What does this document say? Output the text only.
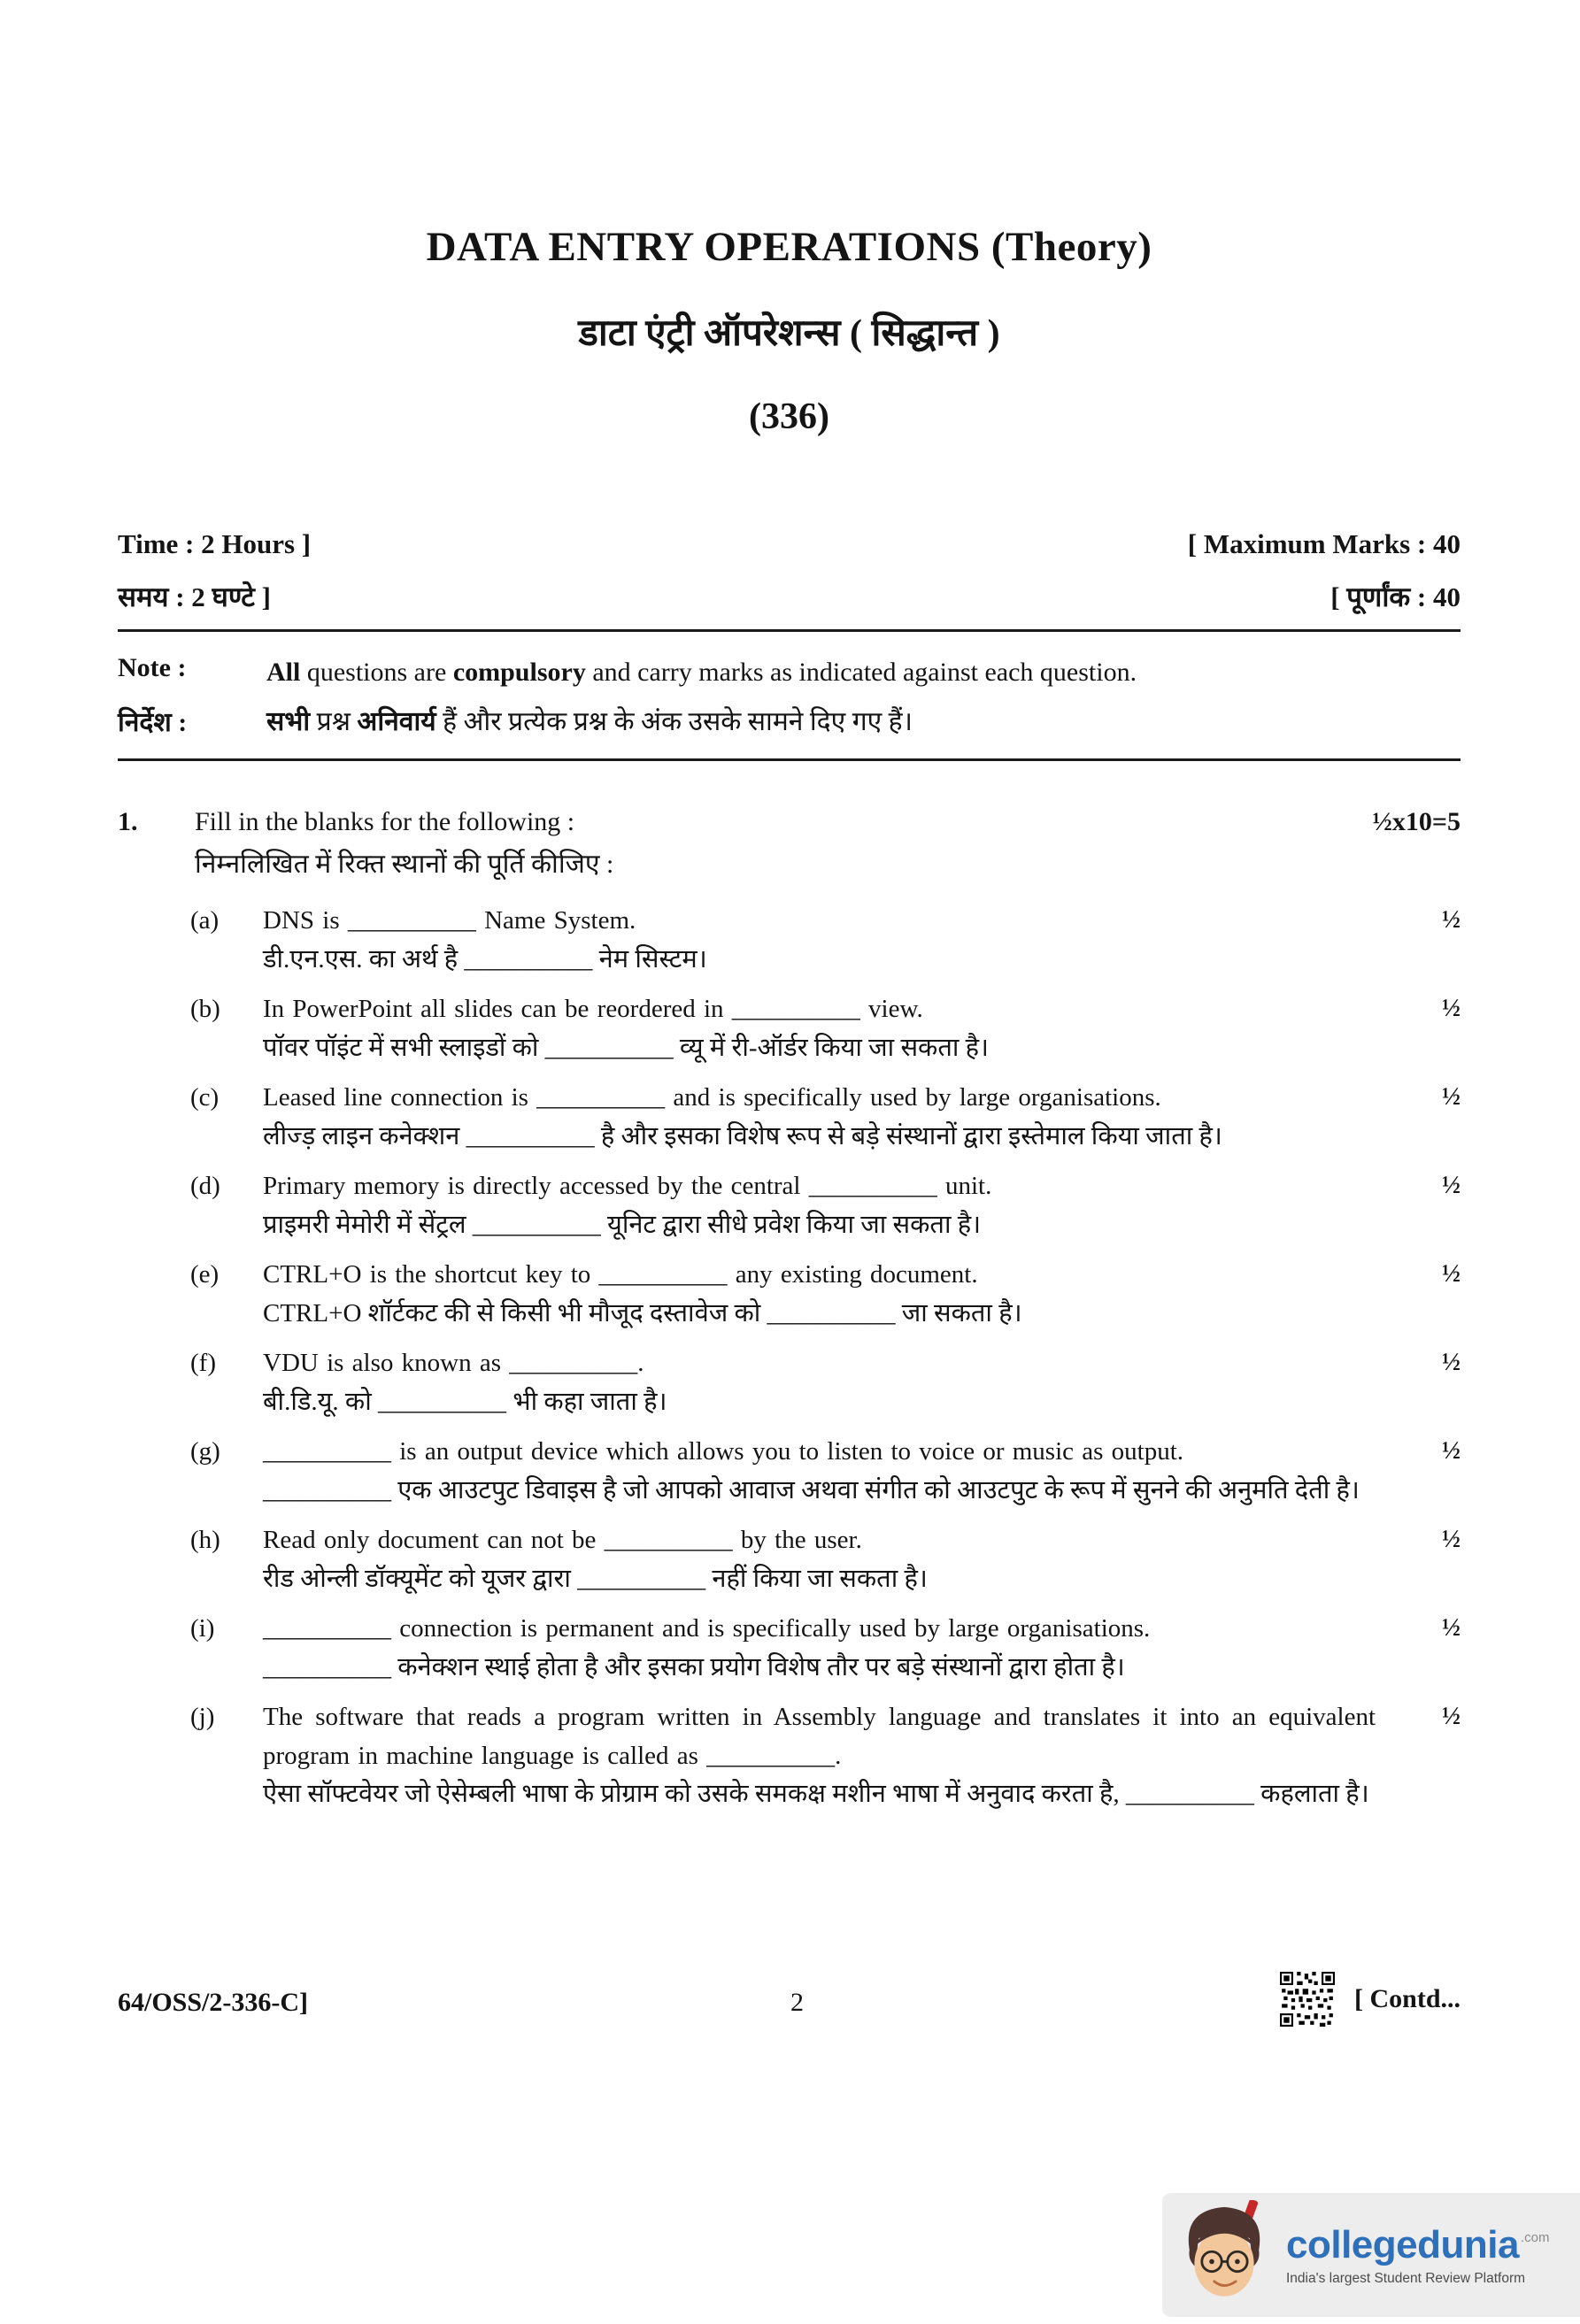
DATA ENTRY OPERATIONS (Theory)
डाटा एंट्री ऑपरेशन्स ( सिद्धान्त )
(336)
Time : 2 Hours ]	[ Maximum Marks : 40
समय : 2 घण्टे ]	[ पूर्णांक : 40
Note :	All questions are compulsory and carry marks as indicated against each question.
निर्देश :	सभी प्रश्न अनिवार्य हैं और प्रत्येक प्रश्न के अंक उसके सामने दिए गए हैं।
1.	Fill in the blanks for the following :	½x10=5
निम्नलिखित में रिक्त स्थानों की पूर्ति कीजिए :
(a)	DNS is __________ Name System.
डी.एन.एस. का अर्थ है __________ नेम सिस्टम।
½
(b)	In PowerPoint all slides can be reordered in __________ view.
पॉवर पॉइंट में सभी स्लाइडों को __________ व्यू में री-ऑर्डर किया जा सकता है।
½
(c)	Leased line connection is __________ and is specifically used by large organisations.
लीज्ड़ लाइन कनेक्शन __________ है और इसका विशेष रूप से बड़े संस्थानों द्वारा इस्तेमाल किया जाता है।
½
(d)	Primary memory is directly accessed by the central __________ unit.
प्राइमरी मेमोरी में सेंट्रल __________ यूनिट द्वारा सीधे प्रवेश किया जा सकता है।
½
(e)	CTRL+O is the shortcut key to __________ any existing document.
CTRL+O शॉर्टकट की से किसी भी मौजूद दस्तावेज को __________ जा सकता है।
½
(f)	VDU is also known as __________.
बी.डि.यू. को __________ भी कहा जाता है।
½
(g)	__________ is an output device which allows you to listen to voice or music as output.
__________ एक आउटपुट डिवाइस है जो आपको आवाज अथवा संगीत को आउटपुट के रूप में सुनने की अनुमति देती है।
½
(h)	Read only document can not be __________ by the user.
रीड ओन्ली डॉक्यूमेंट को यूजर द्वारा __________ नहीं किया जा सकता है।
½
(i)	__________ connection is permanent and is specifically used by large organisations.
__________ कनेक्शन स्थाई होता है और इसका प्रयोग विशेष तौर पर बड़े संस्थानों द्वारा होता है।
½
(j)	The software that reads a program written in Assembly language and translates it into an equivalent program in machine language is called as __________.
ऐसा सॉफ्टवेयर जो ऐसेम्बली भाषा के प्रोग्राम को उसके समकक्ष मशीन भाषा में अनुवाद करता है, __________ कहलाता है।
½
64/OSS/2-336-C]	2	[ Contd...
collegedunia .com
India's largest Student Review Platform
